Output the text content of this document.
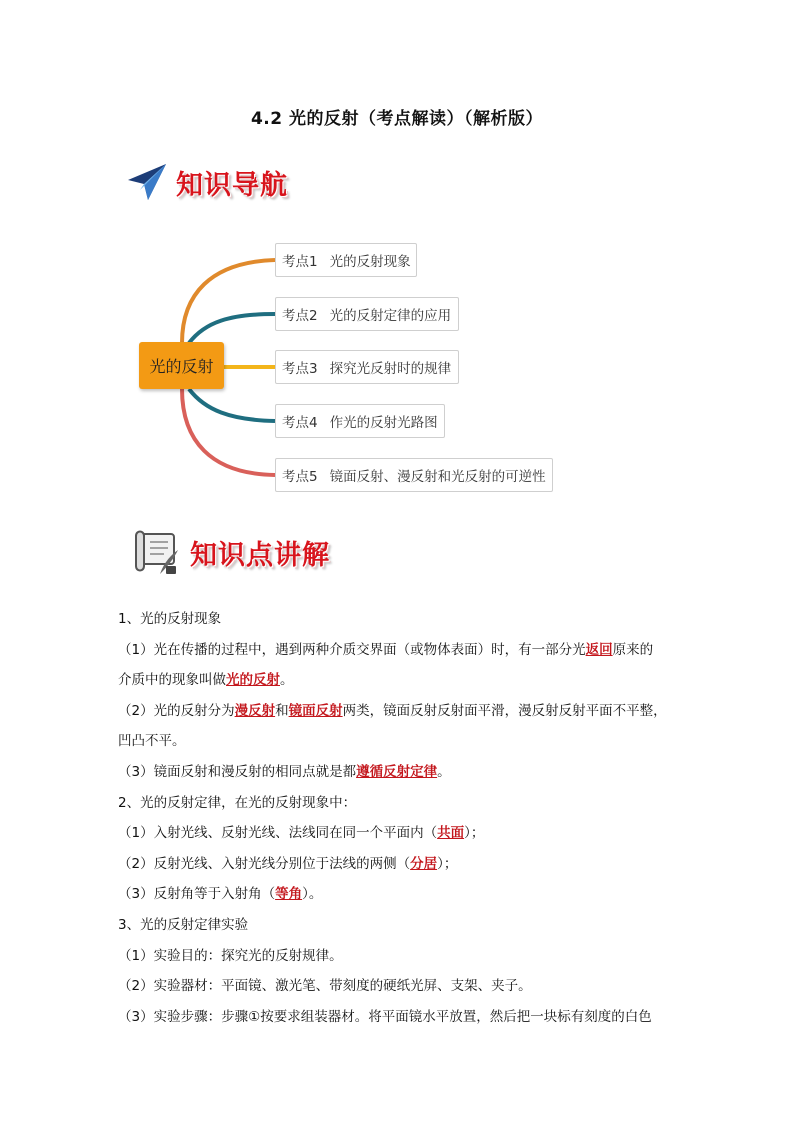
4.2 光的反射（考点解读）（解析版）
知识导航
光的反射
考点1 光的反射现象
考点2 光的反射定律的应用
考点3 探究光反射时的规律
考点4 作光的反射光路图
考点5 镜面反射、漫反射和光反射的可逆性
知识点讲解

1、光的反射现象

（1）光在传播的过程中，遇到两种介质交界面（或物体表面）时，有一部分光返回原来的

介质中的现象叫做光的反射。

（2）光的反射分为漫反射和镜面反射两类，镜面反射反射面平滑，漫反射反射平面不平整，

凹凸不平。

（3）镜面反射和漫反射的相同点就是都遵循反射定律。

2、光的反射定律，在光的反射现象中：

（1）入射光线、反射光线、法线同在同一个平面内（共面）；

（2）反射光线、入射光线分别位于法线的两侧（分居）；

（3）反射角等于入射角（等角）。

3、光的反射定律实验

（1）实验目的：探究光的反射规律。

（2）实验器材：平面镜、激光笔、带刻度的硬纸光屏、支架、夹子。

（3）实验步骤：步骤①按要求组装器材。将平面镜水平放置，然后把一块标有刻度的白色
